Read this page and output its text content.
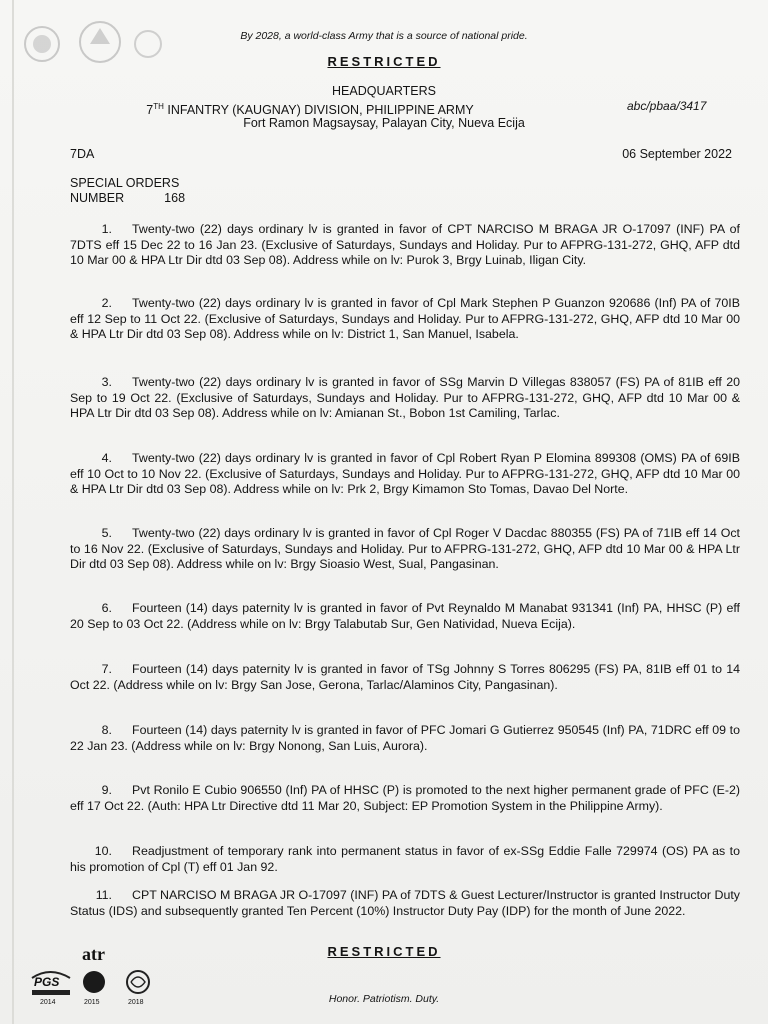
By 2028, a world-class Army that is a source of national pride.
RESTRICTED
HEADQUARTERS
7TH INFANTRY (KAUGNAY) DIVISION, PHILIPPINE ARMY	abc/pbaa/3417
Fort Ramon Magsaysay, Palayan City, Nueva Ecija
7DA	06 September 2022
SPECIAL ORDERS
NUMBER	168
1. Twenty-two (22) days ordinary lv is granted in favor of CPT NARCISO M BRAGA JR O-17097 (INF) PA of 7DTS eff 15 Dec 22 to 16 Jan 23. (Exclusive of Saturdays, Sundays and Holiday. Pur to AFPRG-131-272, GHQ, AFP dtd 10 Mar 00 & HPA Ltr Dir dtd 03 Sep 08). Address while on lv: Purok 3, Brgy Luinab, Iligan City.
2. Twenty-two (22) days ordinary lv is granted in favor of Cpl Mark Stephen P Guanzon 920686 (Inf) PA of 70IB eff 12 Sep to 11 Oct 22. (Exclusive of Saturdays, Sundays and Holiday. Pur to AFPRG-131-272, GHQ, AFP dtd 10 Mar 00 & HPA Ltr Dir dtd 03 Sep 08). Address while on lv: District 1, San Manuel, Isabela.
3. Twenty-two (22) days ordinary lv is granted in favor of SSg Marvin D Villegas 838057 (FS) PA of 81IB eff 20 Sep to 19 Oct 22. (Exclusive of Saturdays, Sundays and Holiday. Pur to AFPRG-131-272, GHQ, AFP dtd 10 Mar 00 & HPA Ltr Dir dtd 03 Sep 08). Address while on lv: Amianan St., Bobon 1st Camiling, Tarlac.
4. Twenty-two (22) days ordinary lv is granted in favor of Cpl Robert Ryan P Elomina 899308 (OMS) PA of 69IB eff 10 Oct to 10 Nov 22. (Exclusive of Saturdays, Sundays and Holiday. Pur to AFPRG-131-272, GHQ, AFP dtd 10 Mar 00 & HPA Ltr Dir dtd 03 Sep 08). Address while on lv: Prk 2, Brgy Kimamon Sto Tomas, Davao Del Norte.
5. Twenty-two (22) days ordinary lv is granted in favor of Cpl Roger V Dacdac 880355 (FS) PA of 71IB eff 14 Oct to 16 Nov 22. (Exclusive of Saturdays, Sundays and Holiday. Pur to AFPRG-131-272, GHQ, AFP dtd 10 Mar 00 & HPA Ltr Dir dtd 03 Sep 08). Address while on lv: Brgy Sioasio West, Sual, Pangasinan.
6. Fourteen (14) days paternity lv is granted in favor of Pvt Reynaldo M Manabat 931341 (Inf) PA, HHSC (P) eff 20 Sep to 03 Oct 22. (Address while on lv: Brgy Talabutab Sur, Gen Natividad, Nueva Ecija).
7. Fourteen (14) days paternity lv is granted in favor of TSg Johnny S Torres 806295 (FS) PA, 81IB eff 01 to 14 Oct 22. (Address while on lv: Brgy San Jose, Gerona, Tarlac/Alaminos City, Pangasinan).
8. Fourteen (14) days paternity lv is granted in favor of PFC Jomari G Gutierrez 950545 (Inf) PA, 71DRC eff 09 to 22 Jan 23. (Address while on lv: Brgy Nonong, San Luis, Aurora).
9. Pvt Ronilo E Cubio 906550 (Inf) PA of HHSC (P) is promoted to the next higher permanent grade of PFC (E-2) eff 17 Oct 22. (Auth: HPA Ltr Directive dtd 11 Mar 20, Subject: EP Promotion System in the Philippine Army).
10. Readjustment of temporary rank into permanent status in favor of ex-SSg Eddie Falle 729974 (OS) PA as to his promotion of Cpl (T) eff 01 Jan 92.
11. CPT NARCISO M BRAGA JR O-17097 (INF) PA of 7DTS & Guest Lecturer/Instructor is granted Instructor Duty Status (IDS) and subsequently granted Ten Percent (10%) Instructor Duty Pay (IDP) for the month of June 2022.
RESTRICTED
PGS
2014
atr
2015	2018	Honor. Patriotism. Duty.
